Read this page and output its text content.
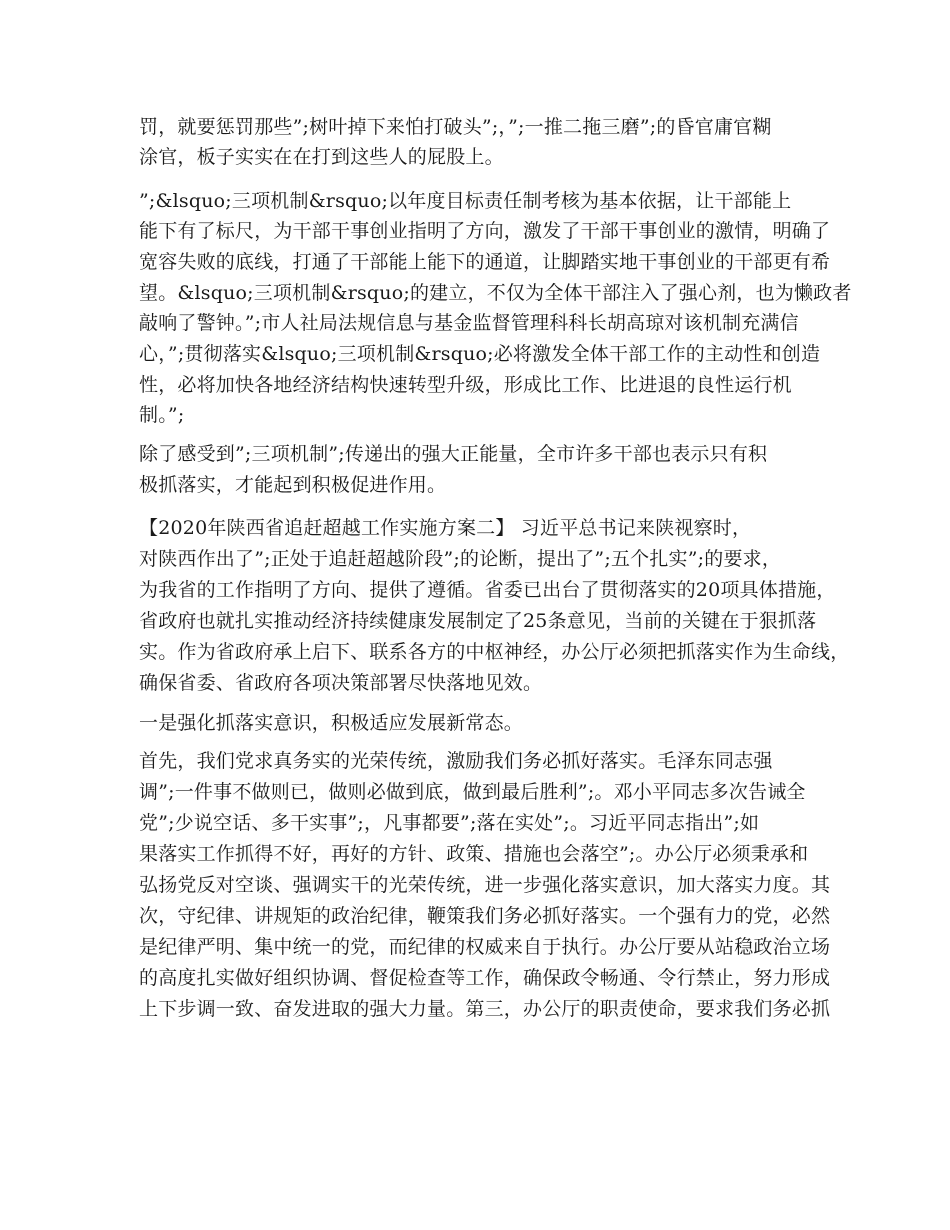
罚，就要惩罚那些”;树叶掉下来怕打破头”;，”;一推二拖三磨”;的昏官庸官糊
涂官，板子实实在在打到这些人的屁股上。
”;&lsquo;三项机制&rsquo;以年度目标责任制考核为基本依据，让干部能上
能下有了标尺，为干部干事创业指明了方向，激发了干部干事创业的激情，明确了
宽容失败的底线，打通了干部能上能下的通道，让脚踏实地干事创业的干部更有希
望。&lsquo;三项机制&rsquo;的建立，不仅为全体干部注入了强心剂，也为懒政者
敲响了警钟。”;市人社局法规信息与基金监督管理科科长胡高琼对该机制充满信
心，”;贯彻落实&lsquo;三项机制&rsquo;必将激发全体干部工作的主动性和创造
性，必将加快各地经济结构快速转型升级，形成比工作、比进退的良性运行机
制。”;
除了感受到”;三项机制”;传递出的强大正能量，全市许多干部也表示只有积
极抓落实，才能起到积极促进作用。
【2020年陕西省追赶超越工作实施方案二】 习近平总书记来陕视察时，
对陕西作出了”;正处于追赶超越阶段”;的论断，提出了”;五个扎实”;的要求，
为我省的工作指明了方向、提供了遵循。省委已出台了贯彻落实的20项具体措施，
省政府也就扎实推动经济持续健康发展制定了25条意见，当前的关键在于狠抓落
实。作为省政府承上启下、联系各方的中枢神经，办公厅必须把抓落实作为生命线，
确保省委、省政府各项决策部署尽快落地见效。
一是强化抓落实意识，积极适应发展新常态。
首先，我们党求真务实的光荣传统，激励我们务必抓好落实。毛泽东同志强
调”;一件事不做则已，做则必做到底，做到最后胜利”;。邓小平同志多次告诫全
党”;少说空话、多干实事”;，凡事都要”;落在实处”;。习近平同志指出”;如
果落实工作抓得不好，再好的方针、政策、措施也会落空”;。办公厅必须秉承和
弘扬党反对空谈、强调实干的光荣传统，进一步强化落实意识，加大落实力度。其
次，守纪律、讲规矩的政治纪律，鞭策我们务必抓好落实。一个强有力的党，必然
是纪律严明、集中统一的党，而纪律的权威来自于执行。办公厅要从站稳政治立场
的高度扎实做好组织协调、督促检查等工作，确保政令畅通、令行禁止，努力形成
上下步调一致、奋发进取的强大力量。第三，办公厅的职责使命，要求我们务必抓
